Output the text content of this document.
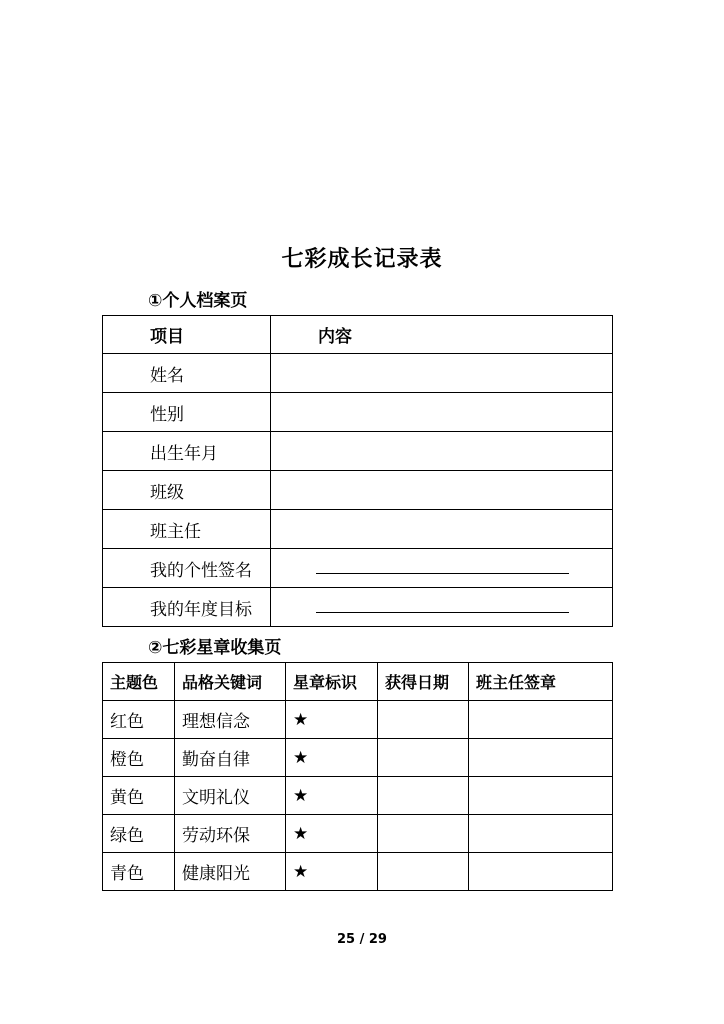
七彩成长记录表
①个人档案页
项目	内容
姓名	
性别	
出生年月	
班级	
班主任	
我的个性签名	

我的年度目标	
②七彩星章收集页
主题色	品格关键词	星章标识	获得日期	班主任签章
红色	理想信念	★		
橙色	勤奋自律	★		
黄色	文明礼仪	★		
绿色	劳动环保	★		
青色	健康阳光	★		
25 / 29
